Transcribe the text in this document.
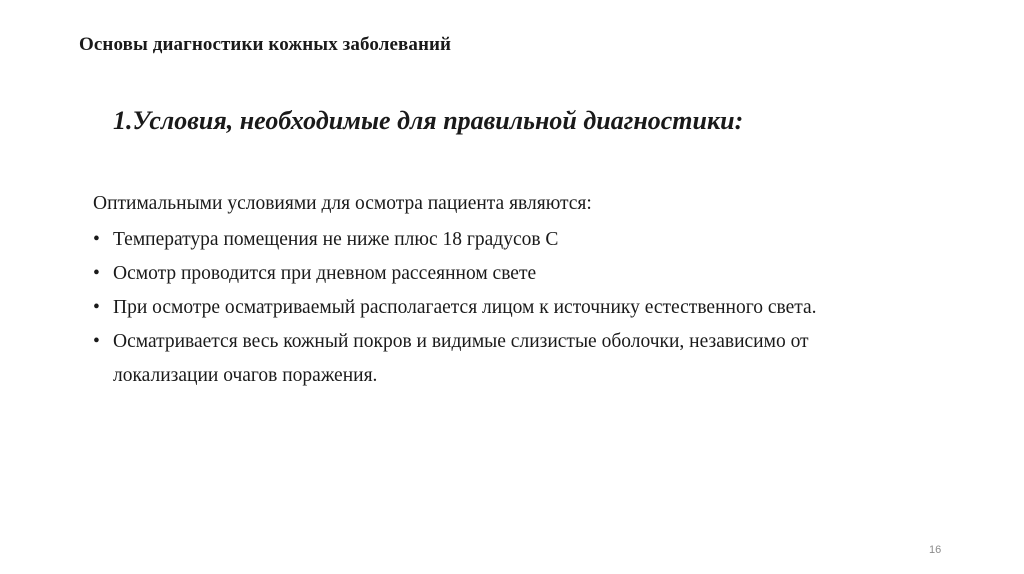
Основы диагностики кожных заболеваний
1.Условия, необходимые для правильной диагностики:
Оптимальными условиями для осмотра пациента являются:
• Температура помещения не ниже плюс 18 градусов С
• Осмотр проводится при дневном рассеянном свете
• При осмотре осматриваемый располагается лицом к источнику естественного света.
• Осматривается весь кожный покров и видимые слизистые оболочки, независимо от локализации очагов поражения.
16
